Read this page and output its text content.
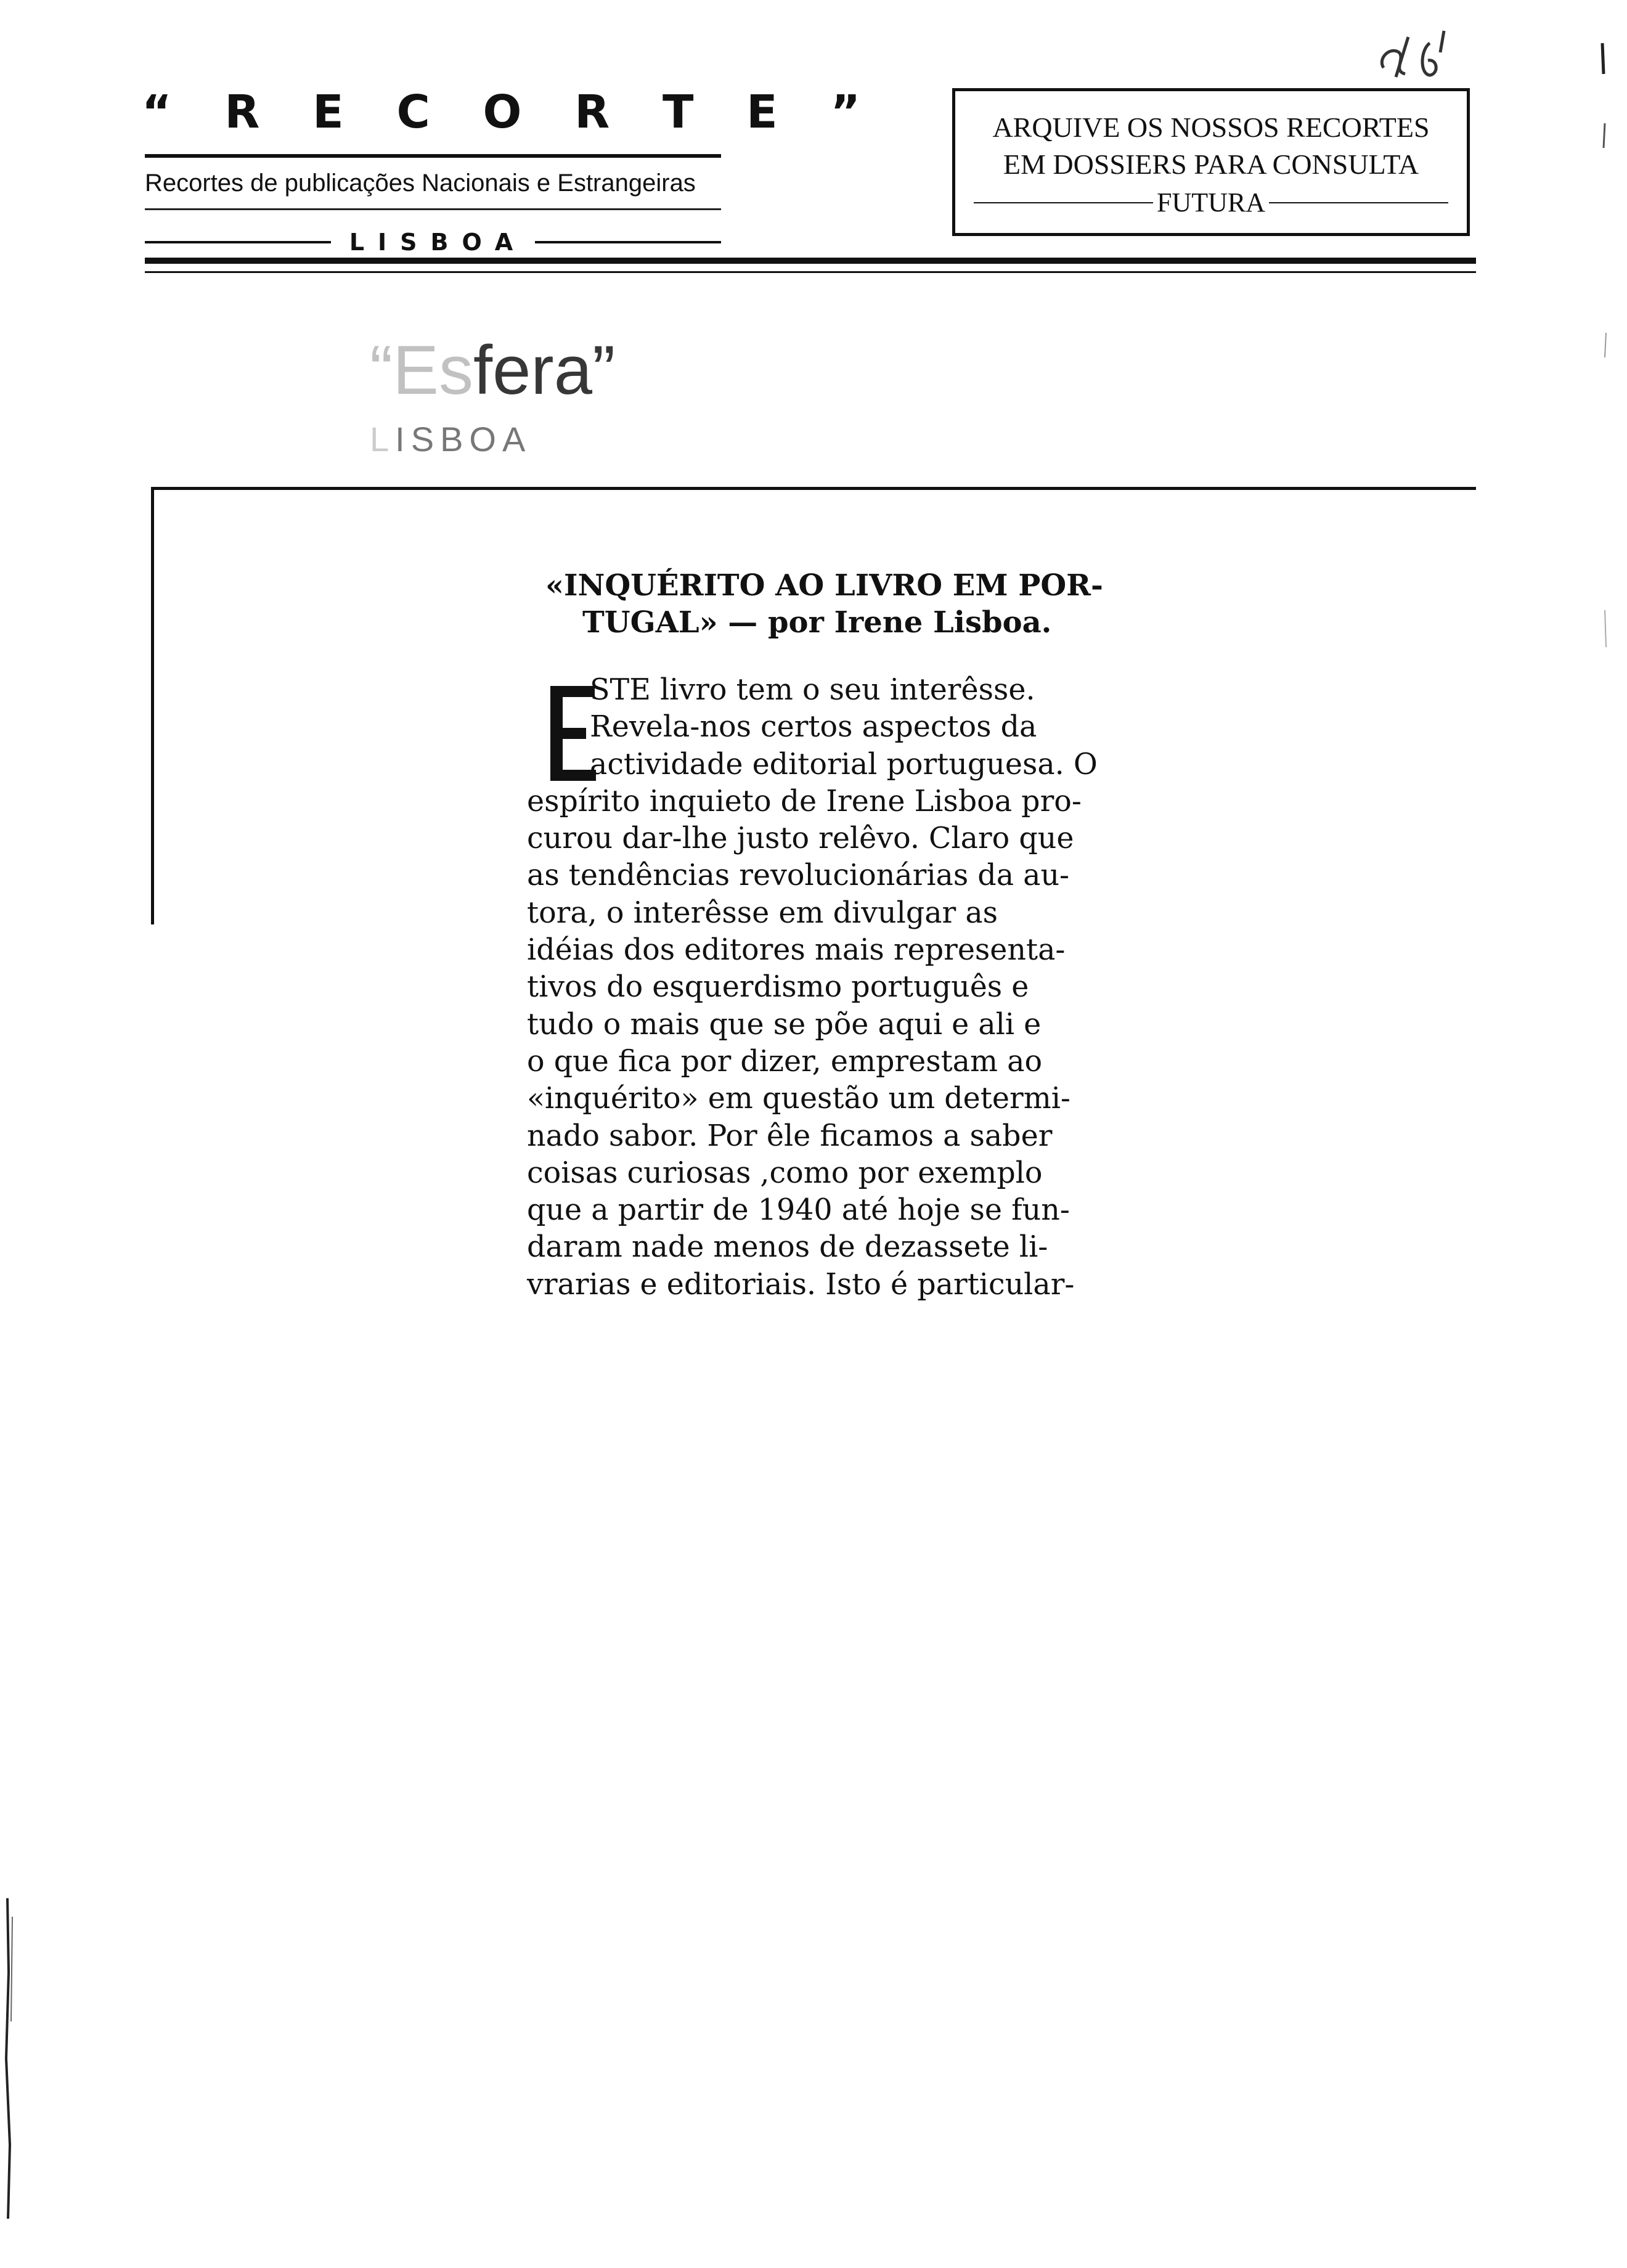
“ R E C O R T E ”
Recortes de publicações Nacionais e Estrangeiras
LISBOA
ARQUIVE OS NOSSOS RECORTES
EM DOSSIERS PARA CONSULTA
FUTURA
“Esfera”
LISBOA
«INQUÉRITO AO LIVRO EM POR-
TUGAL» — por Irene Lisboa.
STE livro tem o seu interêsse.
Revela-nos certos aspectos da
actividade editorial portuguesa. O
espírito inquieto de Irene Lisboa pro-
curou dar-lhe justo relêvo. Claro que
as tendências revolucionárias da au-
tora, o interêsse em divulgar as
idéias dos editores mais representa-
tivos do esquerdismo português e
tudo o mais que se põe aqui e ali e
o que fica por dizer, emprestam ao
«inquérito» em questão um determi-
nado sabor. Por êle ficamos a saber
coisas curiosas ,como por exemplo
que a partir de 1940 até hoje se fun-
daram nade menos de dezassete li-
vrarias e editoriais. Isto é particular-
